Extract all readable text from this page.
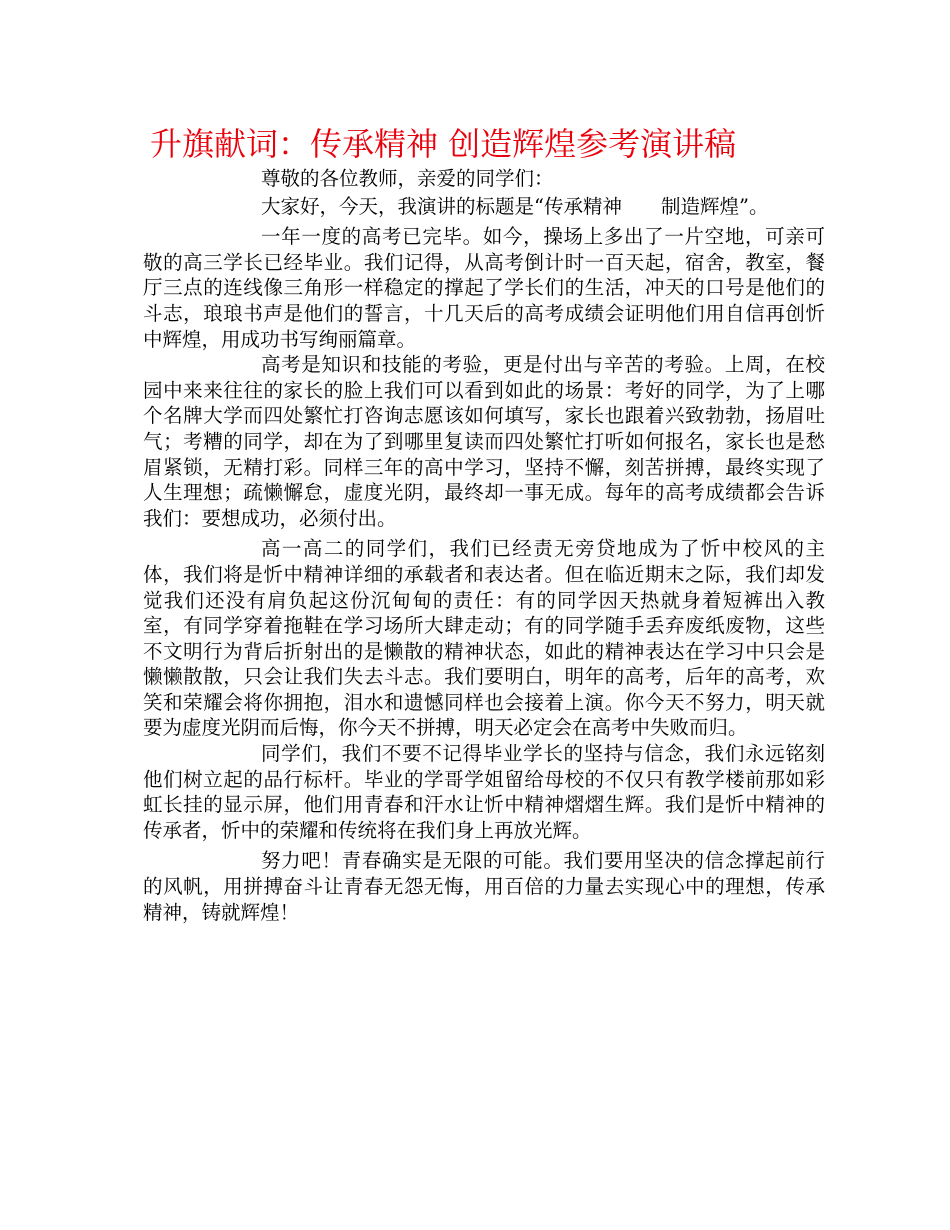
升旗献词：传承精神 创造辉煌参考演讲稿

尊敬的各位教师，亲爱的同学们：

大家好，今天，我演讲的标题是“传承精神　　制造辉煌”。

一年一度的高考已完毕。如今，操场上多出了一片空地，可亲可敬的高三学长已经毕业。我们记得，从高考倒计时一百天起，宿舍，教室，餐厅三点的连线像三角形一样稳定的撑起了学长们的生活，冲天的口号是他们的斗志，琅琅书声是他们的誓言，十几天后的高考成绩会证明他们用自信再创忻中辉煌，用成功书写绚丽篇章。

高考是知识和技能的考验，更是付出与辛苦的考验。上周，在校园中来来往往的家长的脸上我们可以看到如此的场景：考好的同学，为了上哪个名牌大学而四处繁忙打咨询志愿该如何填写，家长也跟着兴致勃勃，扬眉吐气；考糟的同学，却在为了到哪里复读而四处繁忙打听如何报名，家长也是愁眉紧锁，无精打彩。同样三年的高中学习，坚持不懈，刻苦拼搏，最终实现了人生理想；疏懒懈怠，虚度光阴，最终却一事无成。每年的高考成绩都会告诉我们：要想成功，必须付出。

高一高二的同学们，我们已经责无旁贷地成为了忻中校风的主体，我们将是忻中精神详细的承载者和表达者。但在临近期末之际，我们却发觉我们还没有肩负起这份沉甸甸的责任：有的同学因天热就身着短裤出入教室，有同学穿着拖鞋在学习场所大肆走动；有的同学随手丢弃废纸废物，这些不文明行为背后折射出的是懒散的精神状态，如此的精神表达在学习中只会是懒懒散散，只会让我们失去斗志。我们要明白，明年的高考，后年的高考，欢笑和荣耀会将你拥抱，泪水和遗憾同样也会接着上演。你今天不努力，明天就要为虚度光阴而后悔，你今天不拼搏，明天必定会在高考中失败而归。

同学们，我们不要不记得毕业学长的坚持与信念，我们永远铭刻他们树立起的品行标杆。毕业的学哥学姐留给母校的不仅只有教学楼前那如彩虹长挂的显示屏，他们用青春和汗水让忻中精神熠熠生辉。我们是忻中精神的传承者，忻中的荣耀和传统将在我们身上再放光辉。

努力吧！青春确实是无限的可能。我们要用坚决的信念撑起前行的风帆，用拼搏奋斗让青春无怨无悔，用百倍的力量去实现心中的理想，传承精神，铸就辉煌！
